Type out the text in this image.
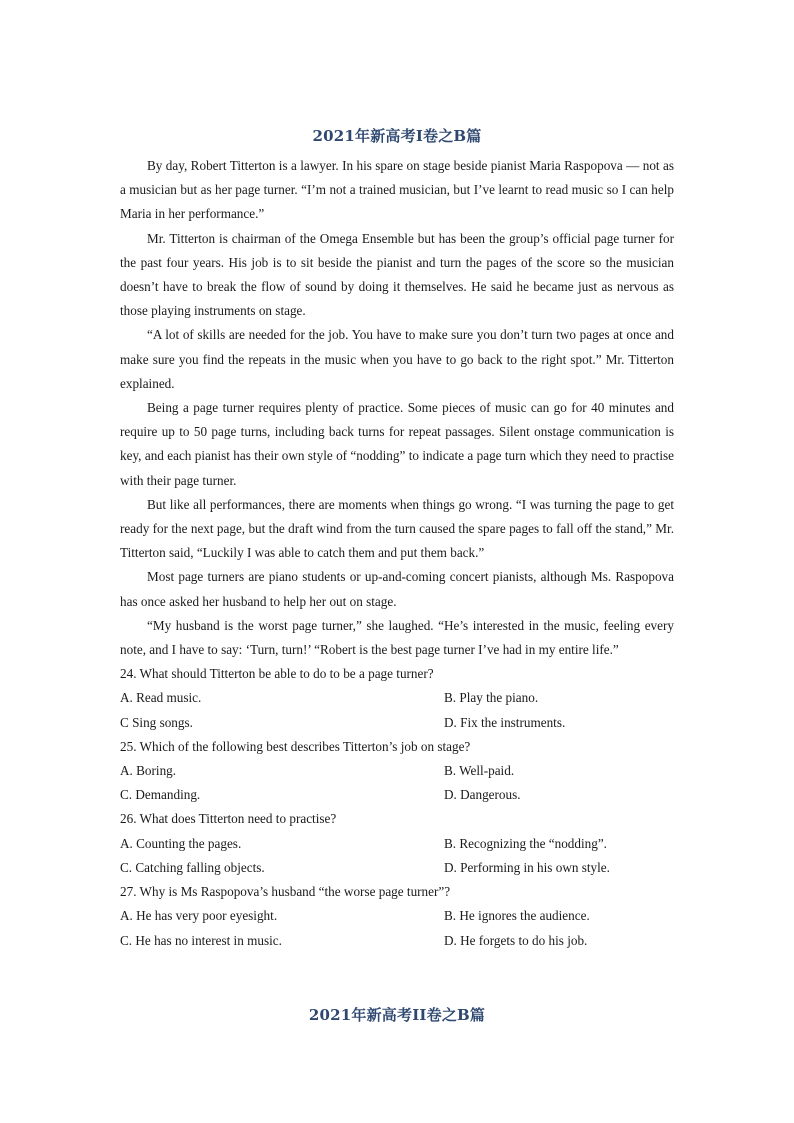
2021年新高考I卷之B篇

By day, Robert Titterton is a lawyer. In his spare on stage beside pianist Maria Raspopova — not as a musician but as her page turner. “I’m not a trained musician, but I’ve learnt to read music so I can help Maria in her performance.”

Mr. Titterton is chairman of the Omega Ensemble but has been the group’s official page turner for the past four years. His job is to sit beside the pianist and turn the pages of the score so the musician doesn’t have to break the flow of sound by doing it themselves. He said he became just as nervous as those playing instruments on stage.

“A lot of skills are needed for the job. You have to make sure you don’t turn two pages at once and make sure you find the repeats in the music when you have to go back to the right spot.” Mr. Titterton explained.

Being a page turner requires plenty of practice. Some pieces of music can go for 40 minutes and require up to 50 page turns, including back turns for repeat passages. Silent onstage communication is key, and each pianist has their own style of “nodding” to indicate a page turn which they need to practise with their page turner.

But like all performances, there are moments when things go wrong. “I was turning the page to get ready for the next page, but the draft wind from the turn caused the spare pages to fall off the stand,” Mr. Titterton said, “Luckily I was able to catch them and put them back.”

Most page turners are piano students or up-and-coming concert pianists, although Ms. Raspopova has once asked her husband to help her out on stage.

“My husband is the worst page turner,” she laughed. “He’s interested in the music, feeling every note, and I have to say: ‘Turn, turn!’ “Robert is the best page turner I’ve had in my entire life.”

24. What should Titterton be able to do to be a page turner?

A. Read music.	B. Play the piano.
C Sing songs.	D. Fix the instruments.

25. Which of the following best describes Titterton’s job on stage?

A. Boring.	B. Well-paid.
C. Demanding.	D. Dangerous.

26. What does Titterton need to practise?

A. Counting the pages.	B. Recognizing the “nodding”.
C. Catching falling objects.	D. Performing in his own style.

27. Why is Ms Raspopova’s husband “the worse page turner”?

A. He has very poor eyesight.	B. He ignores the audience.
C. He has no interest in music.	D. He forgets to do his job.
2021年新高考II卷之B篇
